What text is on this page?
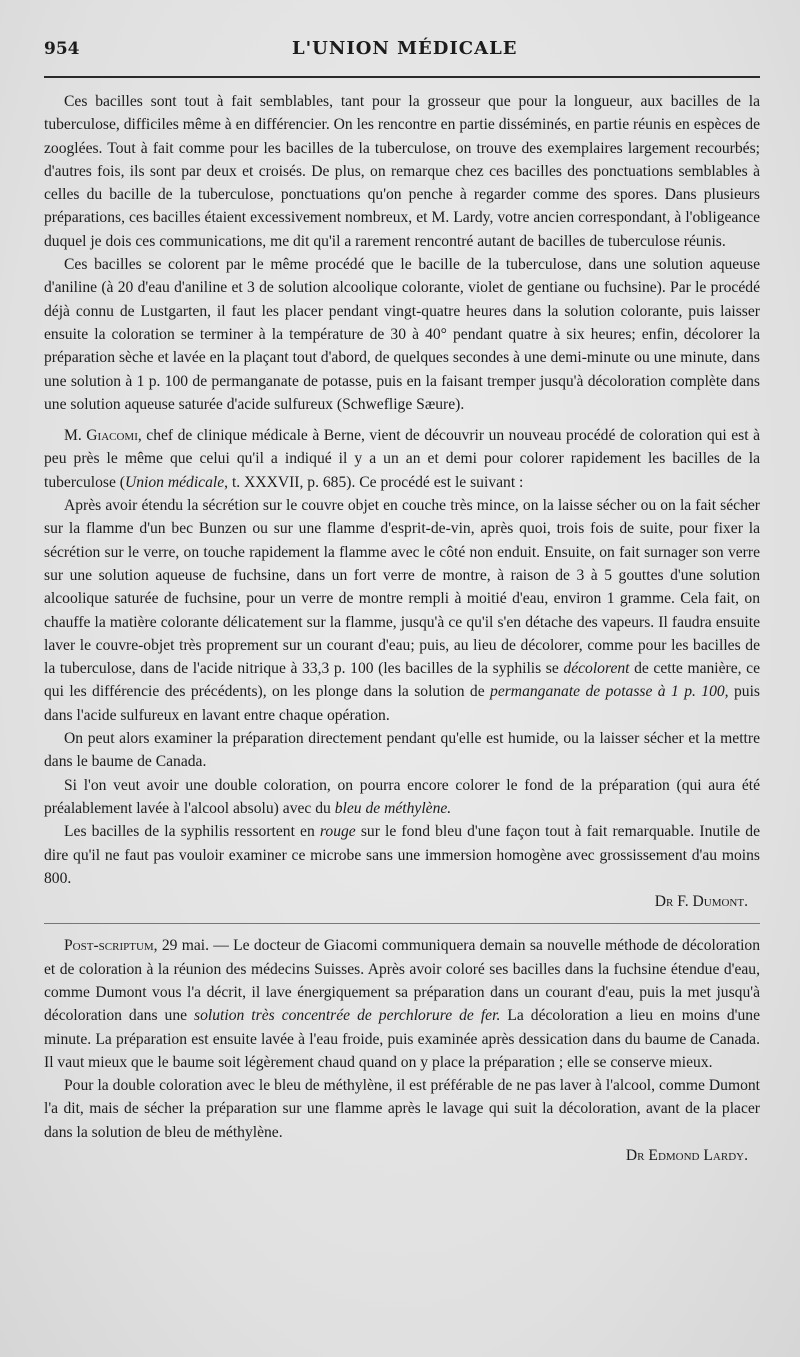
954	L'UNION MÉDICALE

Ces bacilles sont tout à fait semblables, tant pour la grosseur que pour la longueur, aux bacilles de la tuberculose, difficiles même à en différencier. On les rencontre en partie disséminés, en partie réunis en espèces de zooglées. Tout à fait comme pour les bacilles de la tuberculose, on trouve des exemplaires largement recourbés; d'autres fois, ils sont par deux et croisés. De plus, on remarque chez ces bacilles des ponctuations semblables à celles du bacille de la tuberculose, ponctuations qu'on penche à regarder comme des spores. Dans plusieurs préparations, ces bacilles étaient excessivement nombreux, et M. Lardy, votre ancien correspondant, à l'obligeance duquel je dois ces communications, me dit qu'il a rarement rencontré autant de bacilles de tuberculose réunis.

Ces bacilles se colorent par le même procédé que le bacille de la tuberculose, dans une solution aqueuse d'aniline (à 20 d'eau d'aniline et 3 de solution alcoolique colorante, violet de gentiane ou fuchsine). Par le procédé déjà connu de Lustgarten, il faut les placer pendant vingt-quatre heures dans la solution colorante, puis laisser ensuite la coloration se terminer à la température de 30 à 40° pendant quatre à six heures; enfin, décolorer la préparation sèche et lavée en la plaçant tout d'abord, de quelques secondes à une demi-minute ou une minute, dans une solution à 1 p. 100 de permanganate de potasse, puis en la faisant tremper jusqu'à décoloration complète dans une solution aqueuse saturée d'acide sulfureux (Schweflige Sæure).

M. Giacomi, chef de clinique médicale à Berne, vient de découvrir un nouveau procédé de coloration qui est à peu près le même que celui qu'il a indiqué il y a un an et demi pour colorer rapidement les bacilles de la tuberculose (Union médicale, t. XXXVII, p. 685). Ce procédé est le suivant :

Après avoir étendu la sécrétion sur le couvre objet en couche très mince, on la laisse sécher ou on la fait sécher sur la flamme d'un bec Bunzen ou sur une flamme d'esprit-de-vin, après quoi, trois fois de suite, pour fixer la sécrétion sur le verre, on touche rapidement la flamme avec le côté non enduit. Ensuite, on fait surnager son verre sur une solution aqueuse de fuchsine, dans un fort verre de montre, à raison de 3 à 5 gouttes d'une solution alcoolique saturée de fuchsine, pour un verre de montre rempli à moitié d'eau, environ 1 gramme. Cela fait, on chauffe la matière colorante délicatement sur la flamme, jusqu'à ce qu'il s'en détache des vapeurs. Il faudra ensuite laver le couvre-objet très proprement sur un courant d'eau; puis, au lieu de décolorer, comme pour les bacilles de la tuberculose, dans de l'acide nitrique à 33,3 p. 100 (les bacilles de la syphilis se décolorent de cette manière, ce qui les différencie des précédents), on les plonge dans la solution de permanganate de potasse à 1 p. 100, puis dans l'acide sulfureux en lavant entre chaque opération.

On peut alors examiner la préparation directement pendant qu'elle est humide, ou la laisser sécher et la mettre dans le baume de Canada.

Si l'on veut avoir une double coloration, on pourra encore colorer le fond de la préparation (qui aura été préalablement lavée à l'alcool absolu) avec du bleu de méthylène.

Les bacilles de la syphilis ressortent en rouge sur le fond bleu d'une façon tout à fait remarquable. Inutile de dire qu'il ne faut pas vouloir examiner ce microbe sans une immersion homogène avec grossissement d'au moins 800.

Dr F. Dumont.

Post-scriptum, 29 mai. — Le docteur de Giacomi communiquera demain sa nouvelle méthode de décoloration et de coloration à la réunion des médecins Suisses. Après avoir coloré ses bacilles dans la fuchsine étendue d'eau, comme Dumont vous l'a décrit, il lave énergiquement sa préparation dans un courant d'eau, puis la met jusqu'à décoloration dans une solution très concentrée de perchlorure de fer. La décoloration a lieu en moins d'une minute. La préparation est ensuite lavée à l'eau froide, puis examinée après dessication dans du baume de Canada. Il vaut mieux que le baume soit légèrement chaud quand on y place la préparation ; elle se conserve mieux.

Pour la double coloration avec le bleu de méthylène, il est préférable de ne pas laver à l'alcool, comme Dumont l'a dit, mais de sécher la préparation sur une flamme après le lavage qui suit la décoloration, avant de la placer dans la solution de bleu de méthylène.

Dr Edmond Lardy.
